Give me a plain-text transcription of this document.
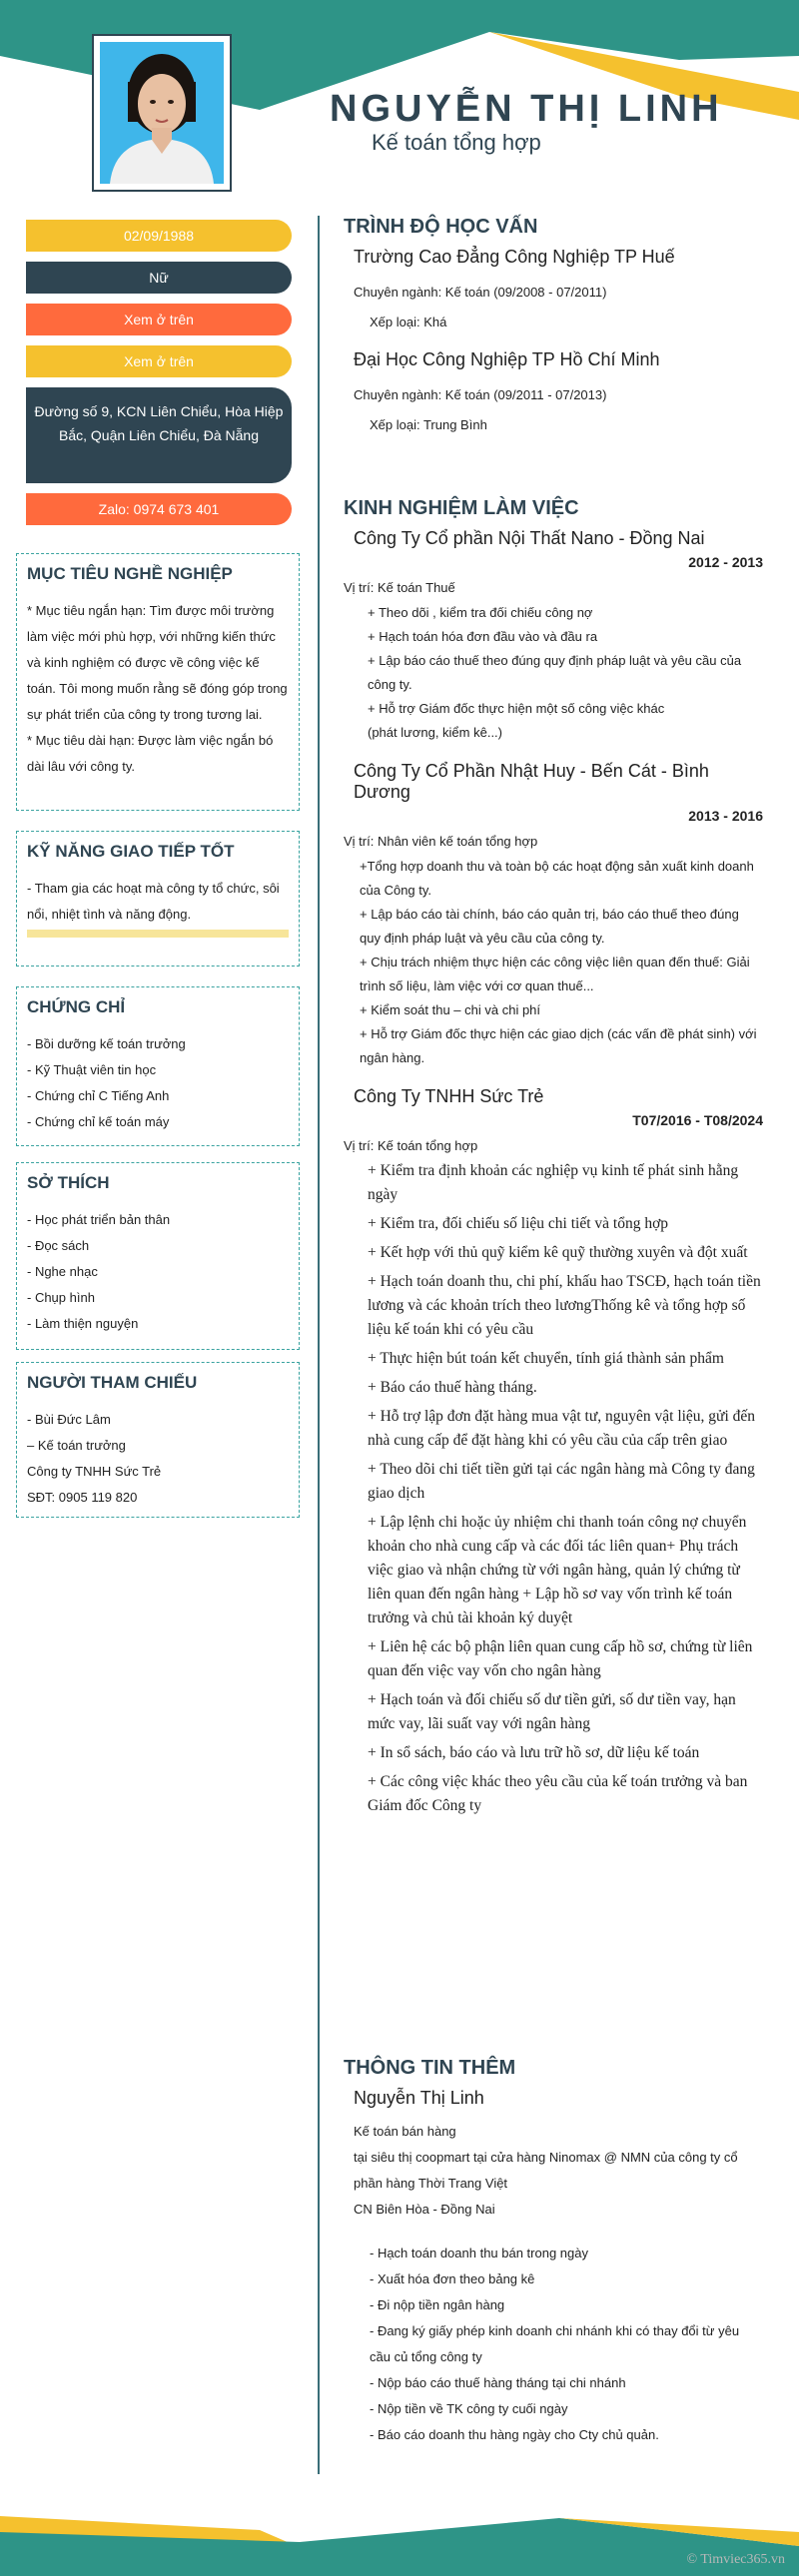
NGUYỄN THỊ LINH
Kế toán tổng hợp
02/09/1988
Nữ
Xem ở trên
Xem ở trên
Đường số 9, KCN Liên Chiểu, Hòa Hiệp Bắc, Quận Liên Chiểu, Đà Nẵng
Zalo: 0974 673 401
MỤC TIÊU NGHỀ NGHIỆP

* Mục tiêu ngắn hạn: Tìm được môi trường làm việc mới phù hợp, với những kiến thức và kinh nghiệm có được về công việc kế toán. Tôi mong muốn rằng sẽ đóng góp trong sự phát triển của công ty trong tương lai.

* Mục tiêu dài hạn: Được làm việc ngắn bó dài lâu với công ty.

KỸ NĂNG GIAO TIẾP TỐT

- Tham gia các hoạt mà công ty tổ chức, sôi nổi, nhiệt tình và năng động.

CHỨNG CHỈ
- Bồi dưỡng kế toán trưởng
- Kỹ Thuật viên tin học
- Chứng chỉ C Tiếng Anh
- Chứng chỉ kế toán máy
SỞ THÍCH
- Học phát triển bản thân
- Đọc sách
- Nghe nhạc
- Chụp hình
- Làm thiện nguyện
NGƯỜI THAM CHIẾU
- Bùi Đức Lâm
– Kế toán trưởng
Công ty TNHH Sức Trẻ
SĐT: 0905 119 820
TRÌNH ĐỘ HỌC VẤN
Trường Cao Đẳng Công Nghiệp TP Huế
Chuyên ngành: Kế toán (09/2008 - 07/2011)
Xếp loại: Khá
Đại Học Công Nghiệp TP Hồ Chí Minh
Chuyên ngành: Kế toán (09/2011 - 07/2013)
Xếp loại: Trung Bình
KINH NGHIỆM LÀM VIỆC
Công Ty Cổ phần Nội Thất Nano - Đồng Nai
2012 - 2013
Vị trí: Kế toán Thuế
+ Theo dõi , kiểm tra đối chiếu công nợ
+ Hạch toán hóa đơn đầu vào và đầu ra
+ Lập báo cáo thuế theo đúng quy định pháp luật và yêu cầu của công ty.
+ Hỗ trợ Giám đốc thực hiện một số công việc khác
(phát lương, kiểm kê...)
Công Ty Cổ Phần Nhật Huy - Bến Cát - Bình Dương
2013 - 2016
Vị trí: Nhân viên kế toán tổng hợp
+Tổng hợp doanh thu và toàn bộ các hoạt động sản xuất kinh doanh của Công ty.
+ Lập báo cáo tài chính, báo cáo quản trị, báo cáo thuế theo đúng quy định pháp luật và yêu cầu của công ty.
+ Chịu trách nhiệm thực hiện các công việc liên quan đến thuế: Giải trình số liệu, làm việc với cơ quan thuế...
+ Kiểm soát thu – chi và chi phí
+ Hỗ trợ Giám đốc thực hiện các giao dịch (các vấn đề phát sinh) với ngân hàng.
Công Ty TNHH Sức Trẻ
T07/2016 - T08/2024
Vị trí: Kế toán tổng hợp
+ Kiểm tra định khoản các nghiệp vụ kinh tế phát sinh hằng ngày
+ Kiểm tra, đối chiếu số liệu chi tiết và tổng hợp
+ Kết hợp với thủ quỹ kiểm kê quỹ thường xuyên và đột xuất
+ Hạch toán doanh thu, chi phí, khấu hao TSCĐ, hạch toán tiền lương và các khoản trích theo lươngThống kê và tổng hợp số liệu kế toán khi có yêu cầu
+ Thực hiện bút toán kết chuyển, tính giá thành sản phẩm
+ Báo cáo thuế hàng tháng.
+ Hỗ trợ lập đơn đặt hàng mua vật tư, nguyên vật liệu, gửi đến nhà cung cấp để đặt hàng khi có yêu cầu của cấp trên giao
+ Theo dõi chi tiết tiền gửi tại các ngân hàng mà Công ty đang giao dịch
+ Lập lệnh chi hoặc ủy nhiệm chi thanh toán công nợ chuyển khoản cho nhà cung cấp và các đối tác liên quan+ Phụ trách việc giao và nhận chứng từ với ngân hàng, quản lý chứng từ liên quan đến ngân hàng + Lập hồ sơ vay vốn trình kế toán trưởng và chủ tài khoản ký duyệt
+ Liên hệ các bộ phận liên quan cung cấp hồ sơ, chứng từ liên quan đến việc vay vốn cho ngân hàng
+ Hạch toán và đối chiếu số dư tiền gửi, số dư tiền vay, hạn mức vay, lãi suất vay với ngân hàng
+ In sổ sách, báo cáo và lưu trữ hồ sơ, dữ liệu kế toán
+ Các công việc khác theo yêu cầu của kế toán trưởng và ban Giám đốc Công ty
THÔNG TIN THÊM
Nguyễn Thị Linh
Kế toán bán hàng
tại siêu thị coopmart tại cửa hàng Ninomax @ NMN của công ty cổ phần hàng Thời Trang Việt
CN Biên Hòa - Đồng Nai
- Hạch toán doanh thu bán trong ngày
- Xuất hóa đơn theo bảng kê
- Đi nộp tiền ngân hàng
- Đang ký giấy phép kinh doanh chi nhánh khi có thay đổi từ yêu cầu củ tổng công ty
- Nộp báo cáo thuế hàng tháng tại chi nhánh
- Nộp tiền về TK công ty cuối ngày
- Báo cáo doanh thu hàng ngày cho Cty chủ quản.
© Timviec365.vn
